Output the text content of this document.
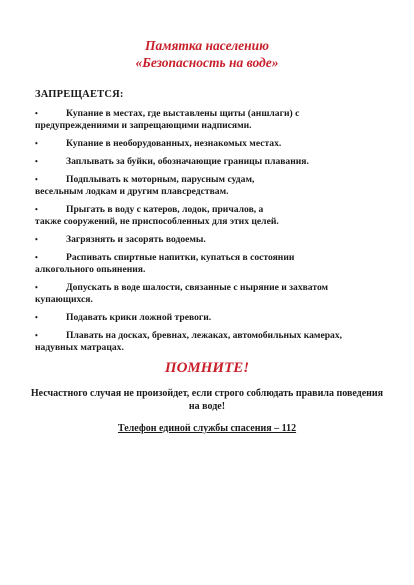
Памятка населению
«Безопасность на воде»
ЗАПРЕЩАЕТСЯ:
•	Купание в местах, где выставлены щиты (аншлаги) с
предупреждениями и запрещающими надписями.
•	Купание в необорудованных, незнакомых местах.
•	Заплывать за буйки, обозначающие границы плавания.
•	Подплывать к моторным, парусным судам,
весельным лодкам и другим плавсредствам.
•	Прыгать в воду с катеров, лодок, причалов, а
также сооружений, не приспособленных для этих целей.
•	Загрязнять и засорять водоемы.
•	Распивать спиртные напитки, купаться в состоянии
алкогольного опьянения.
•	Допускать в воде шалости, связанные с ныряние и захватом
купающихся.
•	Подавать крики ложной тревоги.
•	Плавать на досках, бревнах, лежаках, автомобильных камерах,
надувных матрацах.
ПОМНИТЕ!
Несчастного случая не произойдет, если строго соблюдать правила поведения на воде!
Телефон единой службы спасения – 112
